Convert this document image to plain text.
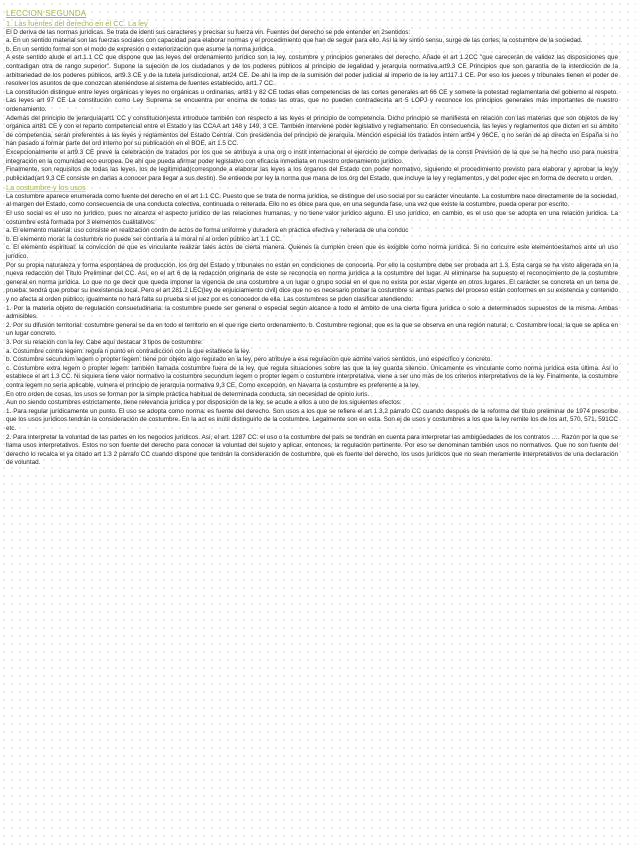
LECCION SEGUNDA
1. Las fuentes del derecho en el CC. La ley

El D deriva de las normas jurídicas. Se trata de identi sus caracteres y precisar su fuerza vin. Fuentes del derecho se pde entender en 2sentidos:

a. En un sentido material son las fuerzas sociales con capacidad para elaborar normas y el procedimiento que han de seguir para ello. Así la ley sintió sensu, surge de las cortes; la costumbre de la sociedad.

b. En un sentido formal son el modo de expresión o exteriorización que asume la norma jurídica.

A este sentido alude el art.1.1 CC que dispone que las leyes del ordenamiento jurídico son la ley, costumbre y principios generales del derecho. Añade el art 1.2CC "que carecerán de validez las disposiciones que contradigan otra de rango superior". Supone la sujeción de los ciudadanos y de los poderes públicos al principio de legalidad y jerarquía normativa,art9.3 CE Principios que son garantía de la interdicción de la arbitrariedad de los poderes públicos, art9.3 CE y de la tutela jurisdiccional, art24 CE. De ahí la imp de la sumisión del poder judicial al imperio de la ley art117.1 CE. Por eso los jueces y tribunales tienen el poder de resolver los asuntos de que conozcan ateniéndose al sistema de fuentes establecido, art1.7 CC.

La constitución distingue entre leyes orgánicas y leyes no orgánicas u ordinarias, art81 y 82 CE todas ellas competencias de las cortes generales art 66 CE y somete la potestad reglamentaria del gobierno al respeto. Las leyes art 97 CE La constitución como Ley Suprema se encuentra por encima de todas las otras, que no pueden contradecirla art 5 LOPJ y reconoce los principios generales más importantes de nuestro ordenamiento.

Además del principio de jerarquía(art1 CC y constitución)esta introduce también con respecto a las leyes el principio de competencia. Dicho principio se manifiesta en relación con las materias que son objetos de ley orgánica art81 CE y con el reparto competencial entre el Estado y las CCAA art 148 y 149, 3 CE. También interviene poder legislativo y reglamentario. En consecuencia, las leyes y reglamentos que dicten en su ámbito de competencia, serán preferentes a las leyes y reglamentos del Estado Central. Con presidencia del principio de jerarquía. Mención especial los tratados intern art94 y 96CE, q no serán de ap directa en España si no han pasado a formar parte del ord interno por su publicación en el BOE, art 1.5 CC.

Excepcionalmente el art9.3 CE prevé la celebración de tratados por los que se atribuya a una org o instit internacional el ejercicio de compe derivadas de la consti Previsión de la que se ha hecho uso para nuestra integración en la comunidad eco europea. De ahí que pueda afirmar poder legislativo con eficacia inmediata en nuestro ordenamiento jurídico.

Finalmente, son requisitos de todas las leyes, los de legitimidad(corresponde a elaborar las leyes a los órganos del Estado con poder normativo, siguiendo el procedimiento previsto para elaborar y aprobar la ley)y publicidad(art 9,3 CE consiste en darlas a conocer para llegar a sus destin). Se entiende por ley la norma que mana de los órg del Estado, que incluye la ley y reglamentos, y del poder ejec en forma de decreto u orden.

La costumbre y los usos

La costumbre aparece enumerada como fuente del derecho en el art 1.1 CC. Puesto que se trata de norma jurídica, se distingue del uso social por su carácter vinculante. La costumbre nace directamente de la sociedad, al margen del Estado, como consecuencia de una conducta colectiva, continuada o reiterada. Ello no es óbice para que, en una segunda fase, una vez que existe la costumbre, pueda operar por escrito.

El uso social es el uso no jurídico, pues no alcanza el aspecto jurídico de las relaciones humanas, y no tiene valor jurídico alguno. El uso jurídico, en cambio, es el uso que se adopta en una relación jurídica. La costumbre está formada por 3 elementos cualitativos:

a. El elemento material: uso consiste en realización contin de actos de forma uniforme y duradera en práctica efectiva y reiterada de una conduc

b. El elemento moral: la costumbre no puede ser contraria a la moral ni al orden público art 1.1 CC.

c. El elemento espiritual: la convicción de que es vinculante realizar tales actos de cierta manera. Quienes la cumplen creen que es exigible como norma jurídica. Si no concurre este elementoestamos ante un uso jurídico.

Por su propia naturaleza y forma espontánea de producción, los órg del Estado y tribunales no están en condiciones de conocerla. Por ello la costumbre debe ser probada art 1.3. Esta carga se ha visto aligerada en la nueva redacción del Título Preliminar del CC. Así, en el art 6 de la redacción originaria de este se reconocía en norma jurídica a la costumbre del lugar. Al eliminarse ha supuesto el reconocimiento de la costumbre general en norma jurídica. Lo que no ge decir que queda imponer la vigencia de una costumbre a un lugar o grupo social en el que no exista por estar vigente en otros lugares. El carácter se concreta en un tema de prueba: tendrá que probar su inexistencia local. Pero el art 281.2 LEC(ley de enjuiciamiento civil) dice que no es necesario probar la costumbre si ambas partes del proceso están conformes en su existencia y contenido y no afecta al orden público; igualmente no hará falta su prueba si el juez por es conocedor de ella. Las costumbres se pden clasificar atendiendo:

1. Por la materia objeto de regulación consuetudinaria: la costumbre puede ser general o especial según alcance a todo el ámbito de una cierta figura jurídica o solo a determinados supuestos de la misma. Ambas admisibles.

2. Por su difusión territorial: costumbre general se da en todo el territorio en el que rige cierto ordenamiento. b. Costumbre regional, que es la que se observa en una región natural, c. Costumbre local, la que se aplica en un lugar concreto.

3. Por su relación con la ley. Cabe aquí destacar 3 tipos de costumbre:

a. Costumbre contra legem: regula n punto en contradicción con la que establece la ley.

b. Costumbre secundum legem o propter legem: tiene por objeto algo regulado en la ley, pero atribuye a esa regulación que admite varios sentidos, uno específico y concreto.

c. Costumbre extra legem o propter legem: también llamada costumbre fuera de la ley, que regula situaciones sobre las que la ley guarda silencio. Únicamente es vinculante como norma jurídica esta última. Así lo establece el art 1.3 CC. Ni siquiera tiene valor normativo la costumbre secundum legem o propter legem o costumbre interpretativa, viene a ser uno más de los criterios interpretativos de la ley. Finalmente, la costumbre contra legem no sería aplicable, vulnera el principio de jerarquía normativa 9,3 CE. Como excepción, en Navarra la costumbre es preferente a la ley.

En otro orden de cosas, los usos se forman por la simple práctica habitual de determinada conducta, sin necesidad de opinio iuris.

Aun no siendo costumbres estrictamente, tiene relevancia jurídica y por disposición de la ley, se acude a ellos a uno de los siguientes efectos:

1. Para regular jurídicamente un punto. El uso se adopta como norma: es fuente del derecho. Son usos a los que se refiere el art 1.3,2 párrafo CC cuando después de la reforma del título preliminar de 1974 prescribe que los usos jurídicos tendrán la consideración de costumbre. En la act es inútil distinguirlo de la costumbre. Legalmente son en esta. Son ej de usos y costumbres a los que la ley remite los de los art, 570, 571, 591CC etc.

2. Para interpretar la voluntad de las partes en los negocios jurídicos. Así, el art. 1287 CC: el uso o la costumbre del país se tendrán en cuenta para interpretar las ambigüedades de los contratos …. Razón por la que se llama usos interpretativos. Estos no son fuente del derecho para conocer la voluntad del sujeto y aplicar, entonces, la regulación pertinente. Por eso se denominan también usos no normativos. Que no son fuente del derecho lo recalca el ya citado art 1.3 2 párrafo CC cuando dispone que tendrán la consideración de costumbre, que es fuente del derecho, los usos jurídicos que no sean meramente interpretativos de una declaración de voluntad.
